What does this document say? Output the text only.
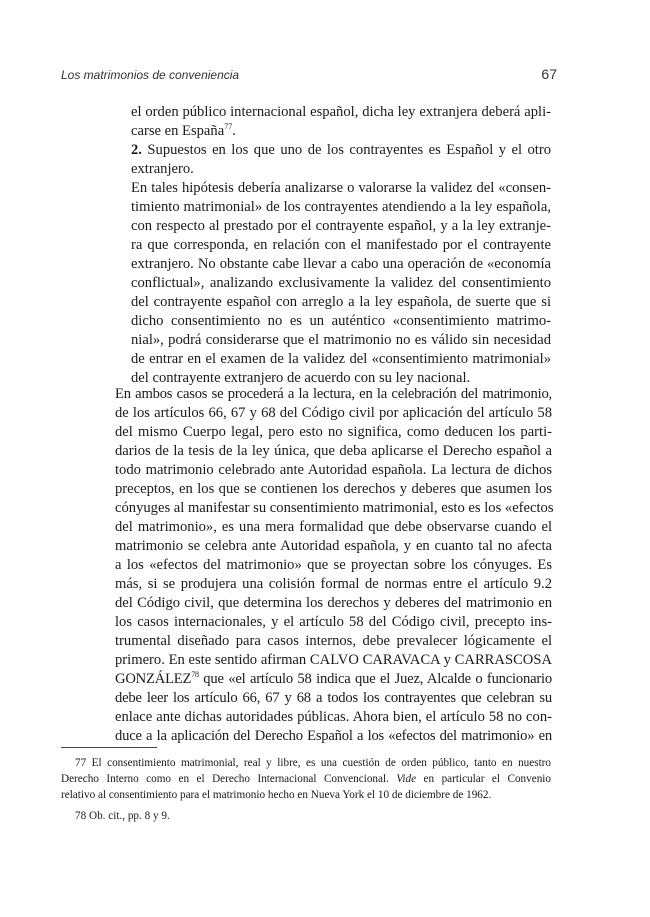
Los matrimonios de conveniencia	67
el orden público internacional español, dicha ley extranjera deberá apli-
carse en España$^{77}$.
2. Supuestos en los que uno de los contrayentes es Español y el otro
extranjero.
En tales hipótesis debería analizarse o valorarse la validez del «consen-
timiento matrimonial» de los contrayentes atendiendo a la ley española,
con respecto al prestado por el contrayente español, y a la ley extranje-
ra que corresponda, en relación con el manifestado por el contrayente
extranjero. No obstante cabe llevar a cabo una operación de «economía
conflictual», analizando exclusivamente la validez del consentimiento
del contrayente español con arreglo a la ley española, de suerte que si
dicho consentimiento no es un auténtico «consentimiento matrimo-
nial», podrá considerarse que el matrimonio no es válido sin necesidad
de entrar en el examen de la validez del «consentimiento matrimonial»
del contrayente extranjero de acuerdo con su ley nacional.
En ambos casos se procederá a la lectura, en la celebración del matrimonio,
de los artículos 66, 67 y 68 del Código civil por aplicación del artículo 58
del mismo Cuerpo legal, pero esto no significa, como deducen los parti-
darios de la tesis de la ley única, que deba aplicarse el Derecho español a
todo matrimonio celebrado ante Autoridad española. La lectura de dichos
preceptos, en los que se contienen los derechos y deberes que asumen los
cónyuges al manifestar su consentimiento matrimonial, esto es los «efectos
del matrimonio», es una mera formalidad que debe observarse cuando el
matrimonio se celebra ante Autoridad española, y en cuanto tal no afecta
a los «efectos del matrimonio» que se proyectan sobre los cónyuges. Es
más, si se produjera una colisión formal de normas entre el artículo 9.2
del Código civil, que determina los derechos y deberes del matrimonio en
los casos internacionales, y el artículo 58 del Código civil, precepto ins-
trumental diseñado para casos internos, debe prevalecer lógicamente el
primero. En este sentido afirman CALVO CARAVACA y CARRASCOSA
GONZÁLEZ$^{78}$ que «el artículo 58 indica que el Juez, Alcalde o funcionario
debe leer los artículo 66, 67 y 68 a todos los contrayentes que celebran su
enlace ante dichas autoridades públicas. Ahora bien, el artículo 58 no con-
duce a la aplicación del Derecho Español a los «efectos del matrimonio» en
77 El consentimiento matrimonial, real y libre, es una cuestión de orden público, tanto en nuestro
Derecho Interno como en el Derecho Internacional Convencional. Vide en particular el Convenio
relativo al consentimiento para el matrimonio hecho en Nueva York el 10 de diciembre de 1962.
78 Ob. cit., pp. 8 y 9.
